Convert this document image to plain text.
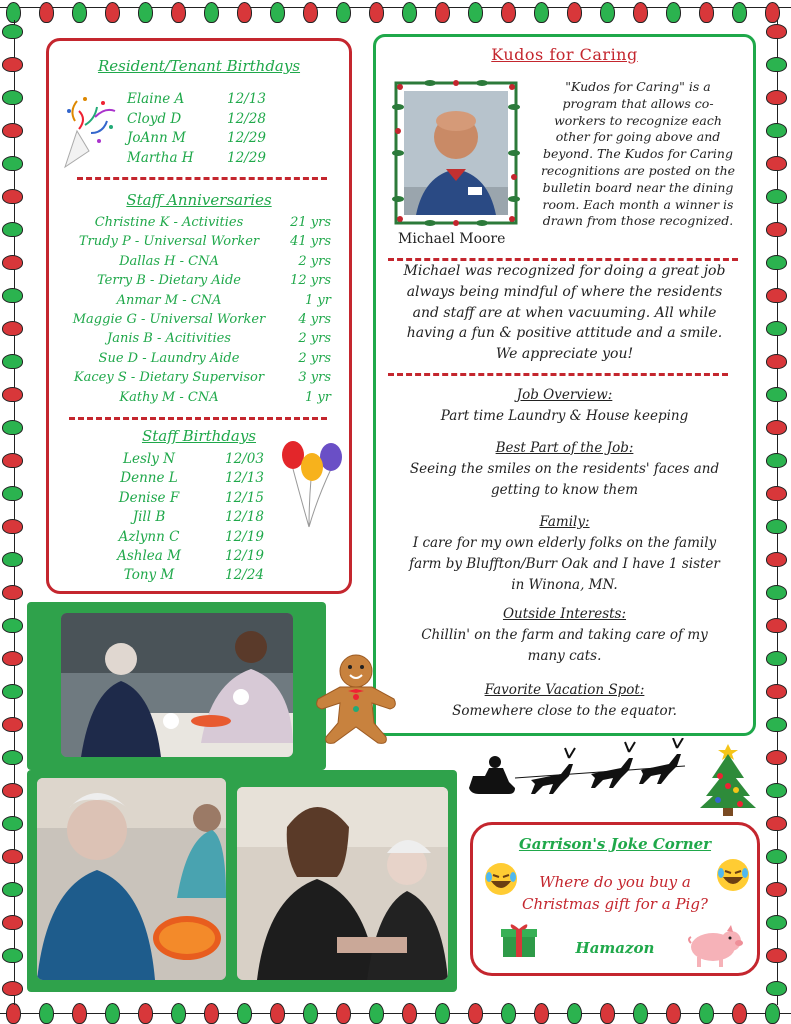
Resident/Tenant Birthdays
Elaine A	12/13
Cloyd D	12/28
JoAnn M	12/29
Martha H 12/29
Staff Anniversaries
Christine K - Activities	21 yrs
Trudy P - Universal Worker	41 yrs
Dallas H - CNA	2 yrs
Terry B - Dietary Aide	12 yrs
Anmar M - CNA	1 yr
Maggie G - Universal Worker	4 yrs
Janis B - Acitivities	2 yrs
Sue D - Laundry Aide	2 yrs
Kacey S - Dietary Supervisor	3 yrs
Kathy M - CNA	1 yr
Staff Birthdays
Lesly N	12/03
Denne L	12/13
Denise F	12/15
Jill B	12/18
Azlynn C	12/19
Ashlea M	12/19
Tony M	12/24
Kudos for Caring
Michael Moore
"Kudos for Caring" is a
program that allows co-
workers to recognize each
other for going above and
beyond. The Kudos for Caring
recognitions are posted on the
bulletin board near the dining
room. Each month a winner is
drawn from those recognized.
Michael was recognized for doing a great job
always being mindful of where the residents
and staff are at when vacuuming. All while
having a fun & positive attitude and a smile.
We appreciate you!
Job Overview:
Part time Laundry & House keeping
Best Part of the Job:
Seeing the smiles on the residents' faces and
getting to know them
Family:
I care for my own elderly folks on the family
farm by Bluffton/Burr Oak and I have 1 sister
in Winona, MN.
Outside Interests:
Chillin' on the farm and taking care of my
many cats.
Favorite Vacation Spot:
Somewhere close to the equator.
Garrison's Joke Corner
Where do you buy a
Christmas gift for a Pig?
Hamazon
